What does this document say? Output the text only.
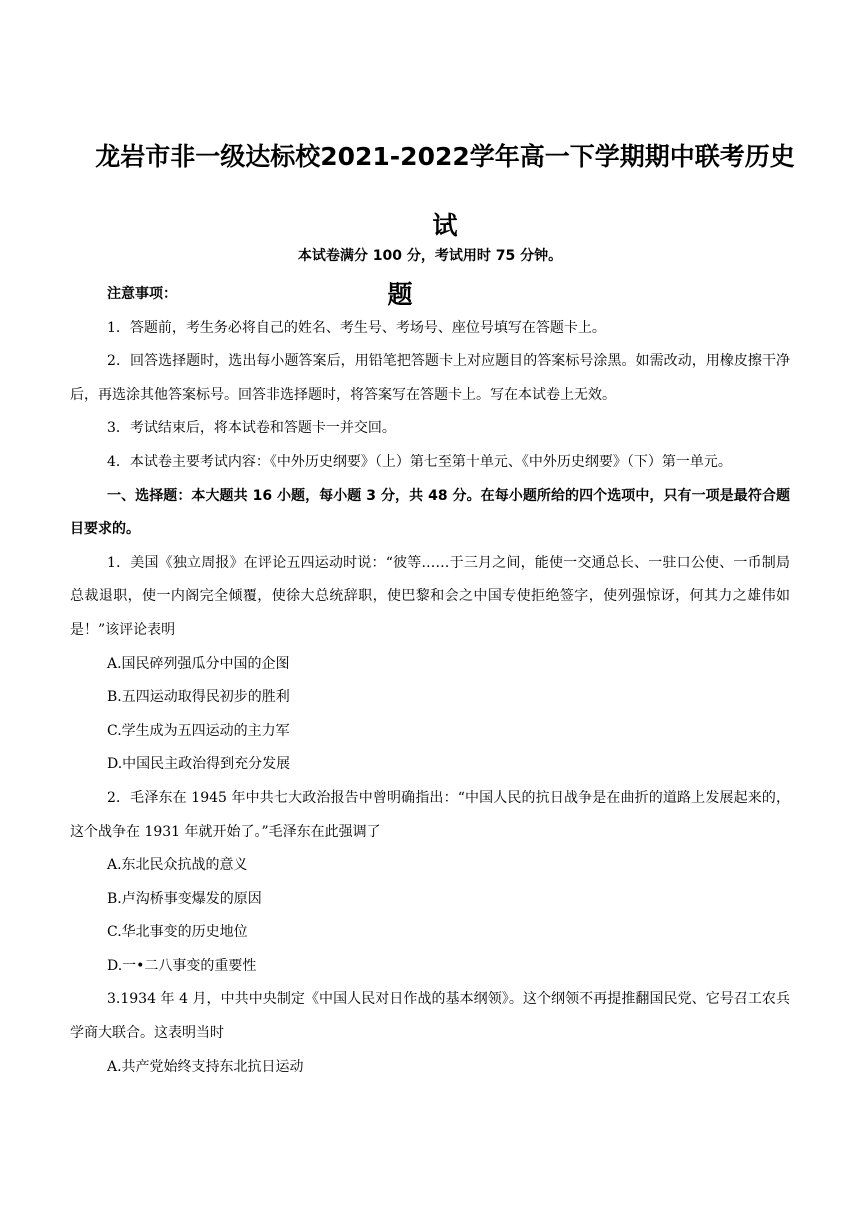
龙岩市非一级达标校2021-2022学年高一下学期期中联考历史试
题
本试卷满分 100 分，考试用时 75 分钟。

注意事项：

1．答题前，考生务必将自己的姓名、考生号、考场号、座位号填写在答题卡上。

2．回答选择题时，选出每小题答案后，用铅笔把答题卡上对应题目的答案标号涂黑。如需改动，用橡皮擦干净后，再选涂其他答案标号。回答非选择题时，将答案写在答题卡上。写在本试卷上无效。

3．考试结束后，将本试卷和答题卡一并交回。

4．本试卷主要考试内容：《中外历史纲要》（上）第七至第十单元、《中外历史纲要》（下）第一单元。

一、选择题：本大题共 16 小题，每小题 3 分，共 48 分。在每小题所给的四个选项中，只有一项是最符合题目要求的。

1．美国《独立周报》在评论五四运动时说：“彼等……于三月之间，能使一交通总长、一驻口公使、一币制局总裁退职，使一内阁完全倾覆，使徐大总统辞职，使巴黎和会之中国专使拒绝签字，使列强惊讶，何其力之雄伟如是！”该评论表明

A.国民碎列强瓜分中国的企图

B.五四运动取得民初步的胜利

C.学生成为五四运动的主力军

D.中国民主政治得到充分发展

2．毛泽东在 1945 年中共七大政治报告中曾明确指出：“中国人民的抗日战争是在曲折的道路上发展起来的，这个战争在 1931 年就开始了。”毛泽东在此强调了

A.东北民众抗战的意义

B.卢沟桥事变爆发的原因

C.华北事变的历史地位

D.一•二八事变的重要性

3.1934 年 4 月，中共中央制定《中国人民对日作战的基本纲领》。这个纲领不再提推翻国民党、它号召工农兵学商大联合。这表明当时

A.共产党始终支持东北抗日运动
